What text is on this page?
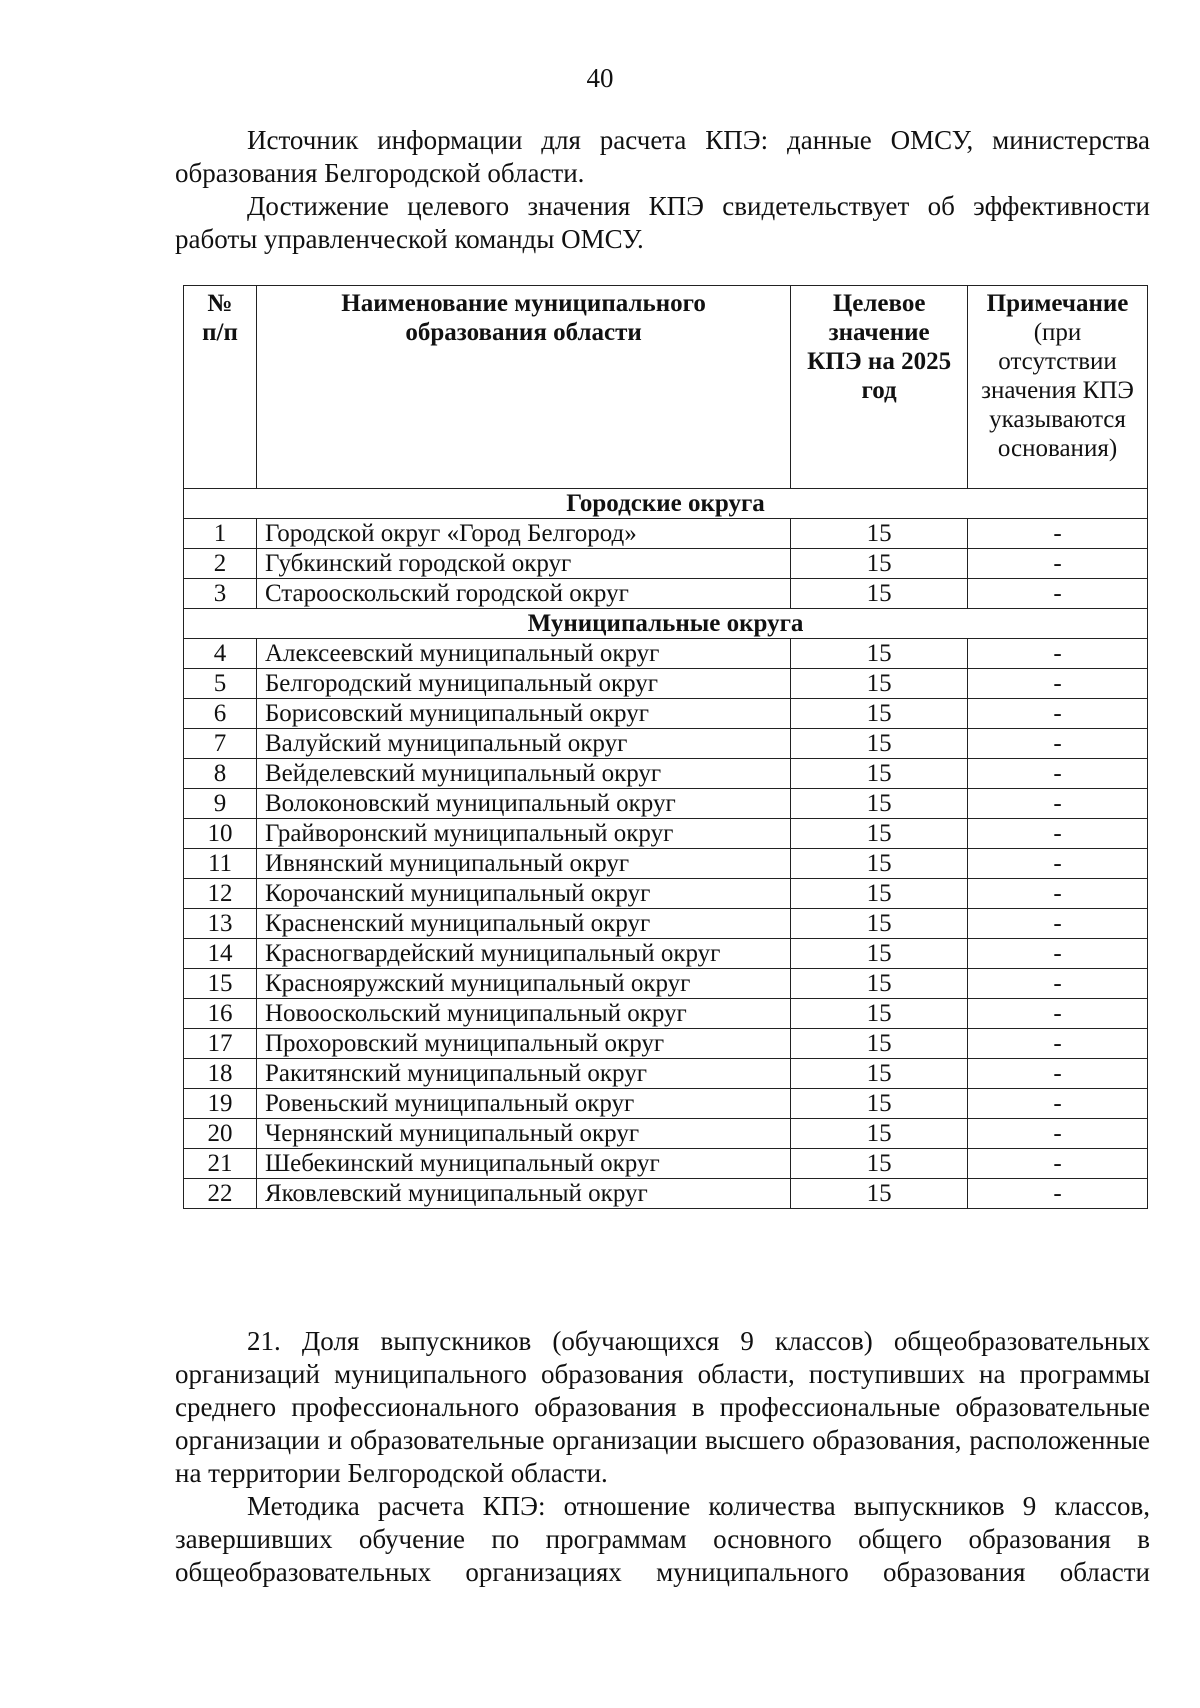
40

Источник информации для расчета КПЭ: данные ОМСУ, министерства образования Белгородской области.

Достижение целевого значения КПЭ свидетельствует об эффективности работы управленческой команды ОМСУ.

№ п/п	Наименование муниципального образования области	Целевое значение КПЭ на 2025 год	Примечание
(при отсутствии значения КПЭ указываются основания)
Городские округа			
1	Городской округ «Город Белгород»	15	-
2	Губкинский городской округ	15	-
3	Старооскольский городской округ	15	-
Муниципальные округа			
4	Алексеевский муниципальный округ	15	-
5	Белгородский муниципальный округ	15	-
6	Борисовский муниципальный округ	15	-
7	Валуйский муниципальный округ	15	-
8	Вейделевский муниципальный округ	15	-
9	Волоконовский муниципальный округ	15	-
10	Грайворонский муниципальный округ	15	-
11	Ивнянский муниципальный округ	15	-
12	Корочанский муниципальный округ	15	-
13	Красненский муниципальный округ	15	-
14	Красногвардейский муниципальный округ	15	-
15	Краснояружский муниципальный округ	15	-
16	Новооскольский муниципальный округ	15	-
17	Прохоровский муниципальный округ	15	-
18	Ракитянский муниципальный округ	15	-
19	Ровеньский муниципальный округ	15	-
20	Чернянский муниципальный округ	15	-
21	Шебекинский муниципальный округ	15	-
22	Яковлевский муниципальный округ	15	-

21. Доля выпускников (обучающихся 9 классов) общеобразовательных организаций муниципального образования области, поступивших на программы среднего профессионального образования в профессиональные образовательные организации и образовательные организации высшего образования, расположенные на территории Белгородской области.

Методика расчета КПЭ: отношение количества выпускников 9 классов, завершивших обучение по программам основного общего образования в общеобразовательных организациях муниципального образования области
